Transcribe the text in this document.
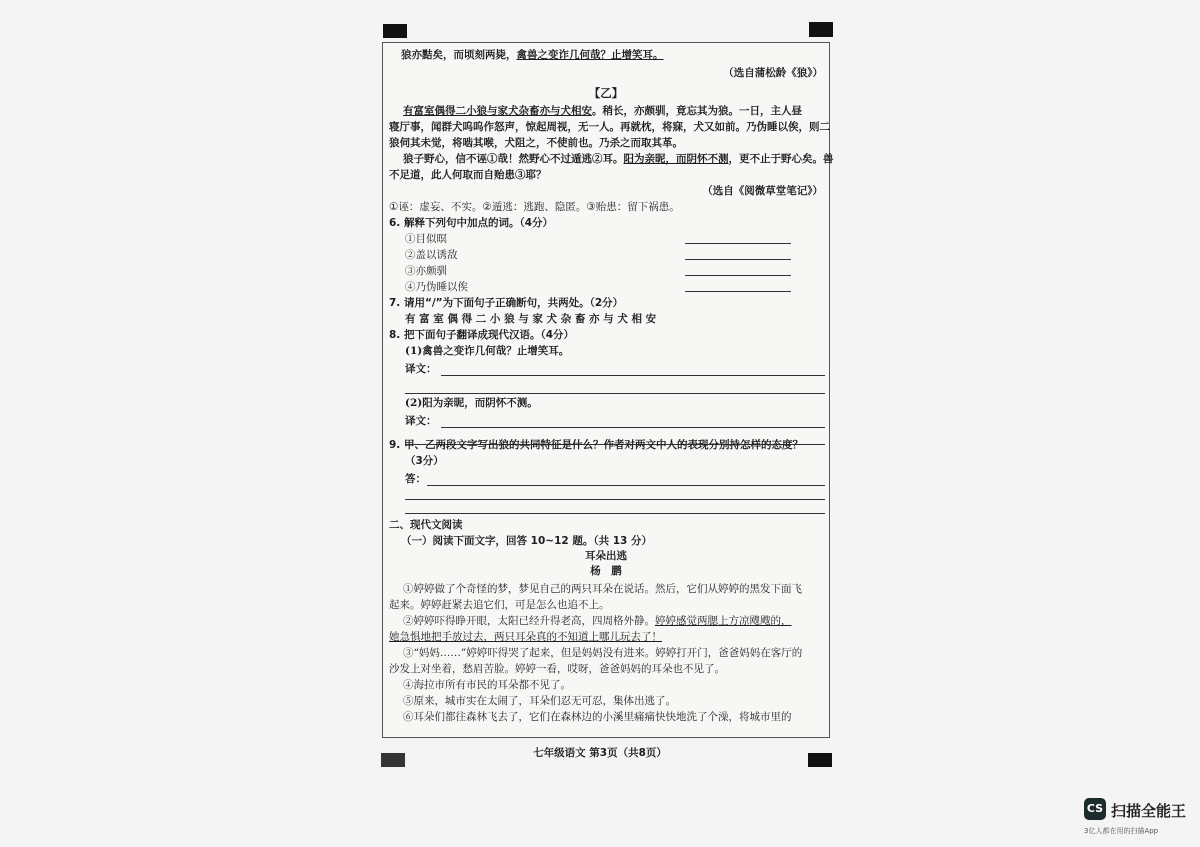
狼亦黠矣，而顷刻两毙，禽兽之变诈几何哉？止增笑耳。
（选自蒲松龄《狼》）
【乙】
有富室偶得二小狼与家犬杂畜亦与犬相安。稍长，亦颇驯，竟忘其为狼。一日，主人昼
寝厅事，闻群犬呜呜作怒声，惊起周视，无一人。再就枕，将寐，犬又如前。乃伪睡以俟，则二
狼伺其未觉，将啮其喉，犬阻之，不使前也。乃杀之而取其革。
狼子野心，信不诬①哉！然野心不过遁逃②耳。阳为亲昵，而阴怀不测，更不止于野心矣。兽
不足道，此人何取而自贻患③耶？
（选自《阅微草堂笔记》）
①诬：虚妄、不实。②遁逃：逃跑、隐匿。③贻患：留下祸患。
6. 解释下列句中加点的词。（4分）
①目似暝
②盖以诱敌
③亦颇驯
④乃伪睡以俟
7. 请用“/”为下面句子正确断句，共两处。（2分）
有 富 室 偶 得 二 小 狼 与 家 犬 杂 畜 亦 与 犬 相 安
8. 把下面句子翻译成现代汉语。（4分）
(1)禽兽之变诈几何哉？止增笑耳。
译文：
(2)阳为亲昵，而阴怀不测。
译文：
9. 甲、乙两段文字写出狼的共同特征是什么？作者对两文中人的表现分别持怎样的态度？
（3分）
答：
二、现代文阅读
（一）阅读下面文字，回答 10~12 题。（共 13 分）
耳朵出逃
杨　鹏
①婷婷做了个奇怪的梦，梦见自己的两只耳朵在说话。然后，它们从婷婷的黑发下面飞
起来。婷婷赶紧去追它们，可是怎么也追不上。
②婷婷吓得睁开眼，太阳已经升得老高，四周格外静。婷婷感觉两腮上方凉飕飕的，
她急惧地把手放过去，两只耳朵真的不知道上哪儿玩去了！
③“妈妈……”婷婷吓得哭了起来，但是妈妈没有进来。婷婷打开门，爸爸妈妈在客厅的
沙发上对坐着，愁眉苦脸。婷婷一看，哎呀，爸爸妈妈的耳朵也不见了。
④海拉市所有市民的耳朵都不见了。
⑤原来，城市实在太闹了，耳朵们忍无可忍，集体出逃了。
⑥耳朵们都往森林飞去了，它们在森林边的小溪里痛痛快快地洗了个澡，将城市里的
七年级语文 第3页（共8页）
CS 扫描全能王
3亿人都在用的扫描App
